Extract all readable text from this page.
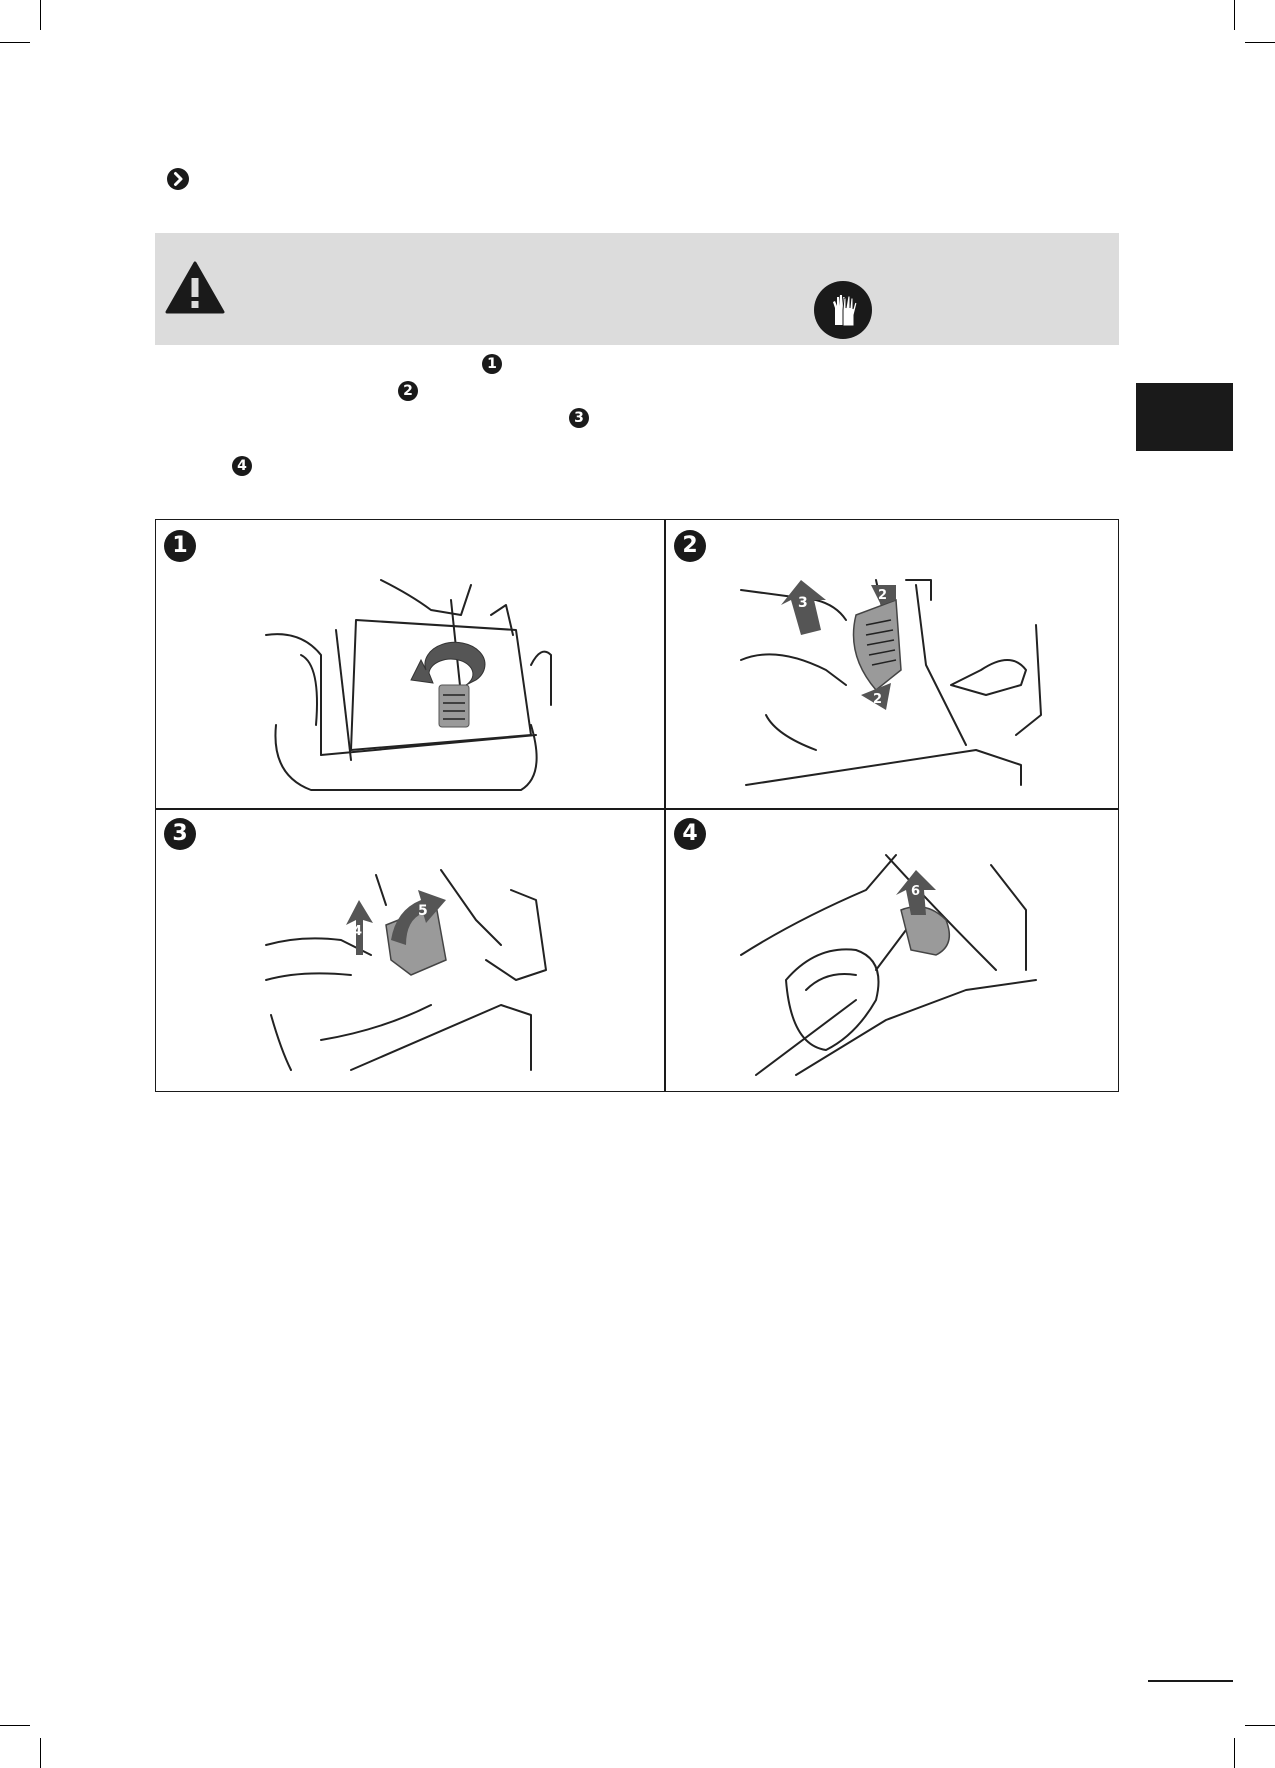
1
2
3
4
1
1
2
3	2
2
3
4
5
4
6
